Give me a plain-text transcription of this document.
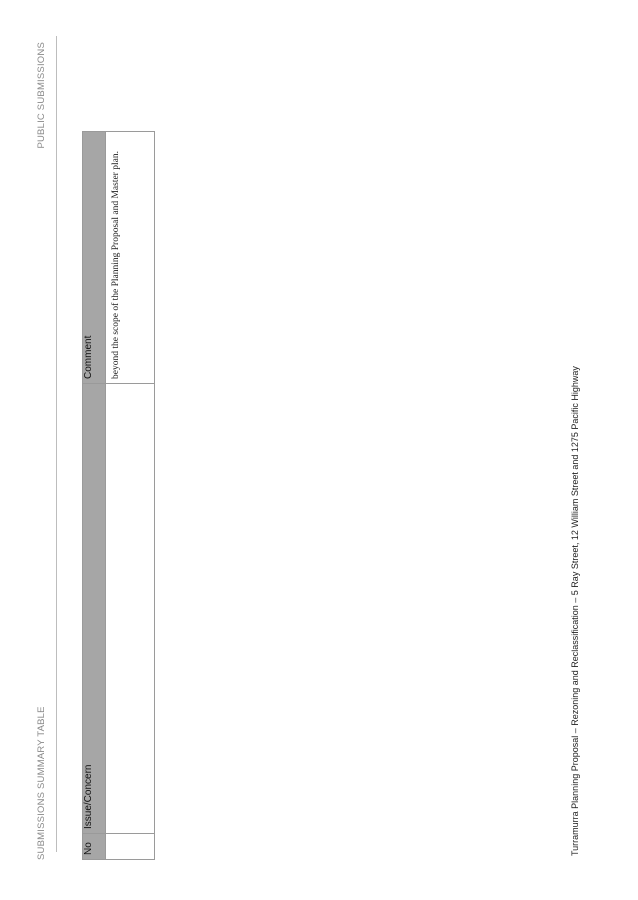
SUBMISSIONS SUMMARY TABLE
PUBLIC SUBMISSIONS
No	Issue/Concern	Comment
		beyond the scope of the Planning Proposal and Master plan.
Turramurra Planning Proposal – Rezoning and Reclassification – 5 Ray Street, 12 William Street and 1275 Pacific Highway
